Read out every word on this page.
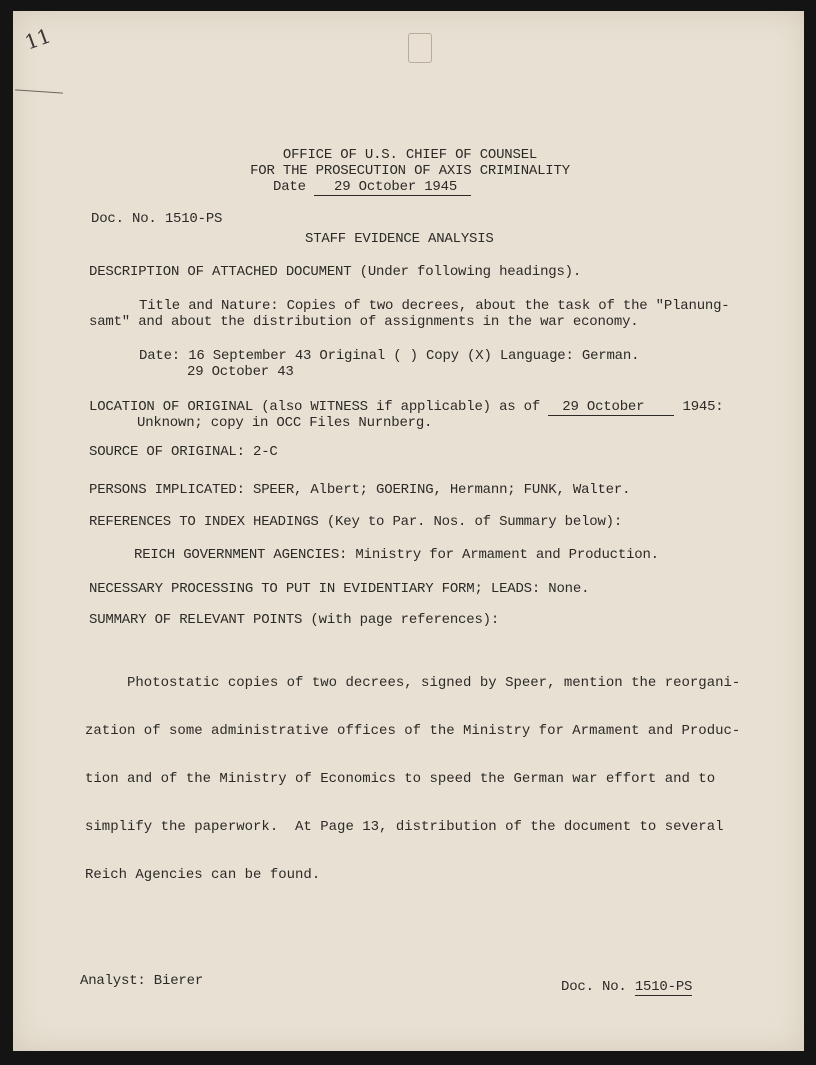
11
OFFICE OF U.S. CHIEF OF COUNSEL
FOR THE PROSECUTION OF AXIS CRIMINALITY
Date 29 October 1945
Doc. No. 1510-PS
STAFF EVIDENCE ANALYSIS
DESCRIPTION OF ATTACHED DOCUMENT (Under following headings).
Title and Nature: Copies of two decrees, about the task of the "Planung-
samt" and about the distribution of assignments in the war economy.
Date: 16 September 43 Original ( ) Copy (X) Language: German.
29 October 43
LOCATION OF ORIGINAL (also WITNESS if applicable) as of 29 October	1945:
Unknown; copy in OCC Files Nurnberg.
SOURCE OF ORIGINAL: 2-C
PERSONS IMPLICATED: SPEER, Albert; GOERING, Hermann; FUNK, Walter.
REFERENCES TO INDEX HEADINGS (Key to Par. Nos. of Summary below):
REICH GOVERNMENT AGENCIES: Ministry for Armament and Production.
NECESSARY PROCESSING TO PUT IN EVIDENTIARY FORM; LEADS: None.
SUMMARY OF RELEVANT POINTS (with page references):

Photostatic copies of two decrees, signed by Speer, mention the reorgani-

zation of some administrative offices of the Ministry for Armament and Produc-

tion and of the Ministry of Economics to speed the German war effort and to

simplify the paperwork.  At Page 13, distribution of the document to several

Reich Agencies can be found.

Analyst: Bierer	Doc. No. 1510-PS
